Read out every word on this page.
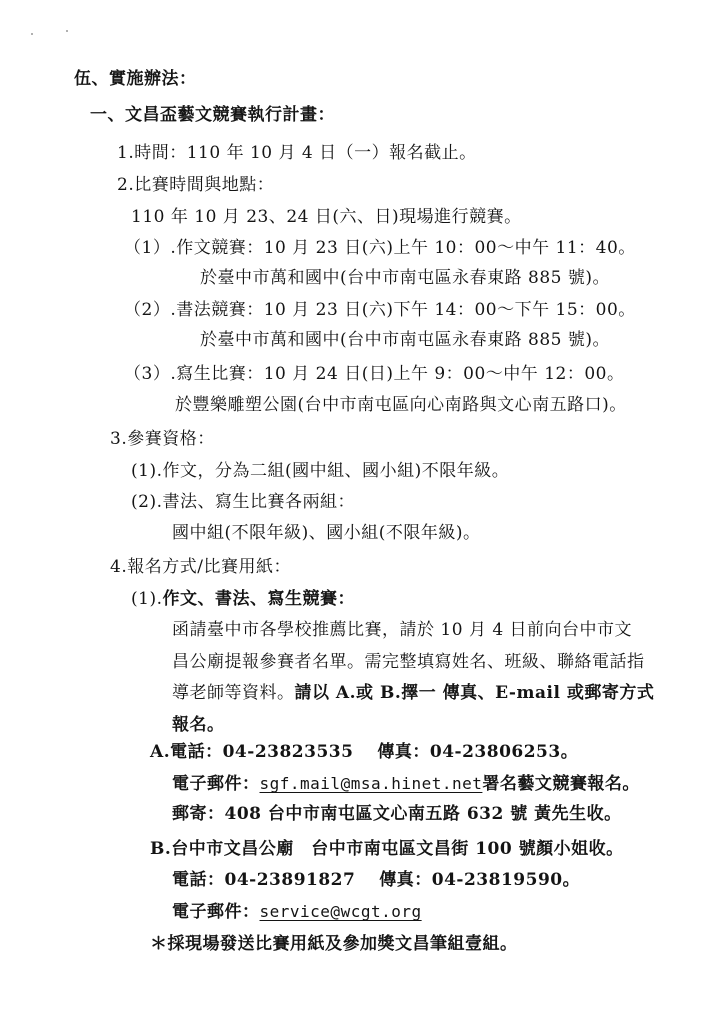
伍、實施辦法：
一、文昌盃藝文競賽執行計畫：
1.時間：110 年 10 月 4 日（一）報名截止。
2.比賽時間與地點：
110 年 10 月 23、24 日(六、日)現場進行競賽。
（1）.作文競賽：10 月 23 日(六)上午 10：00～中午 11：40。
於臺中市萬和國中(台中市南屯區永春東路 885 號)。
（2）.書法競賽：10 月 23 日(六)下午 14：00～下午 15：00。
於臺中市萬和國中(台中市南屯區永春東路 885 號)。
（3）.寫生比賽：10 月 24 日(日)上午 9：00～中午 12：00。
於豐樂雕塑公園(台中市南屯區向心南路與文心南五路口)。
3.參賽資格：
(1).作文，分為二組(國中組、國小組)不限年級。
(2).書法、寫生比賽各兩組：
國中組(不限年級)、國小組(不限年級)。
4.報名方式/比賽用紙：
(1).作文、書法、寫生競賽：
函請臺中市各學校推薦比賽，請於 10 月 4 日前向台中市文
昌公廟提報參賽者名單。需完整填寫姓名、班級、聯絡電話指
導老師等資料。請以 A.或 B.擇一 傳真、E-mail 或郵寄方式
報名。
A.電話：04-23823535　 傳真：04-23806253。
電子郵件：sgf.mail@msa.hinet.net署名藝文競賽報名。
郵寄：408 台中市南屯區文心南五路 632 號 黃先生收。
B.台中市文昌公廟　台中市南屯區文昌街 100 號顏小姐收。
電話：04-23891827　 傳真：04-23819590。
電子郵件：service@wcgt.org
＊採現場發送比賽用紙及參加獎文昌筆組壹組。
